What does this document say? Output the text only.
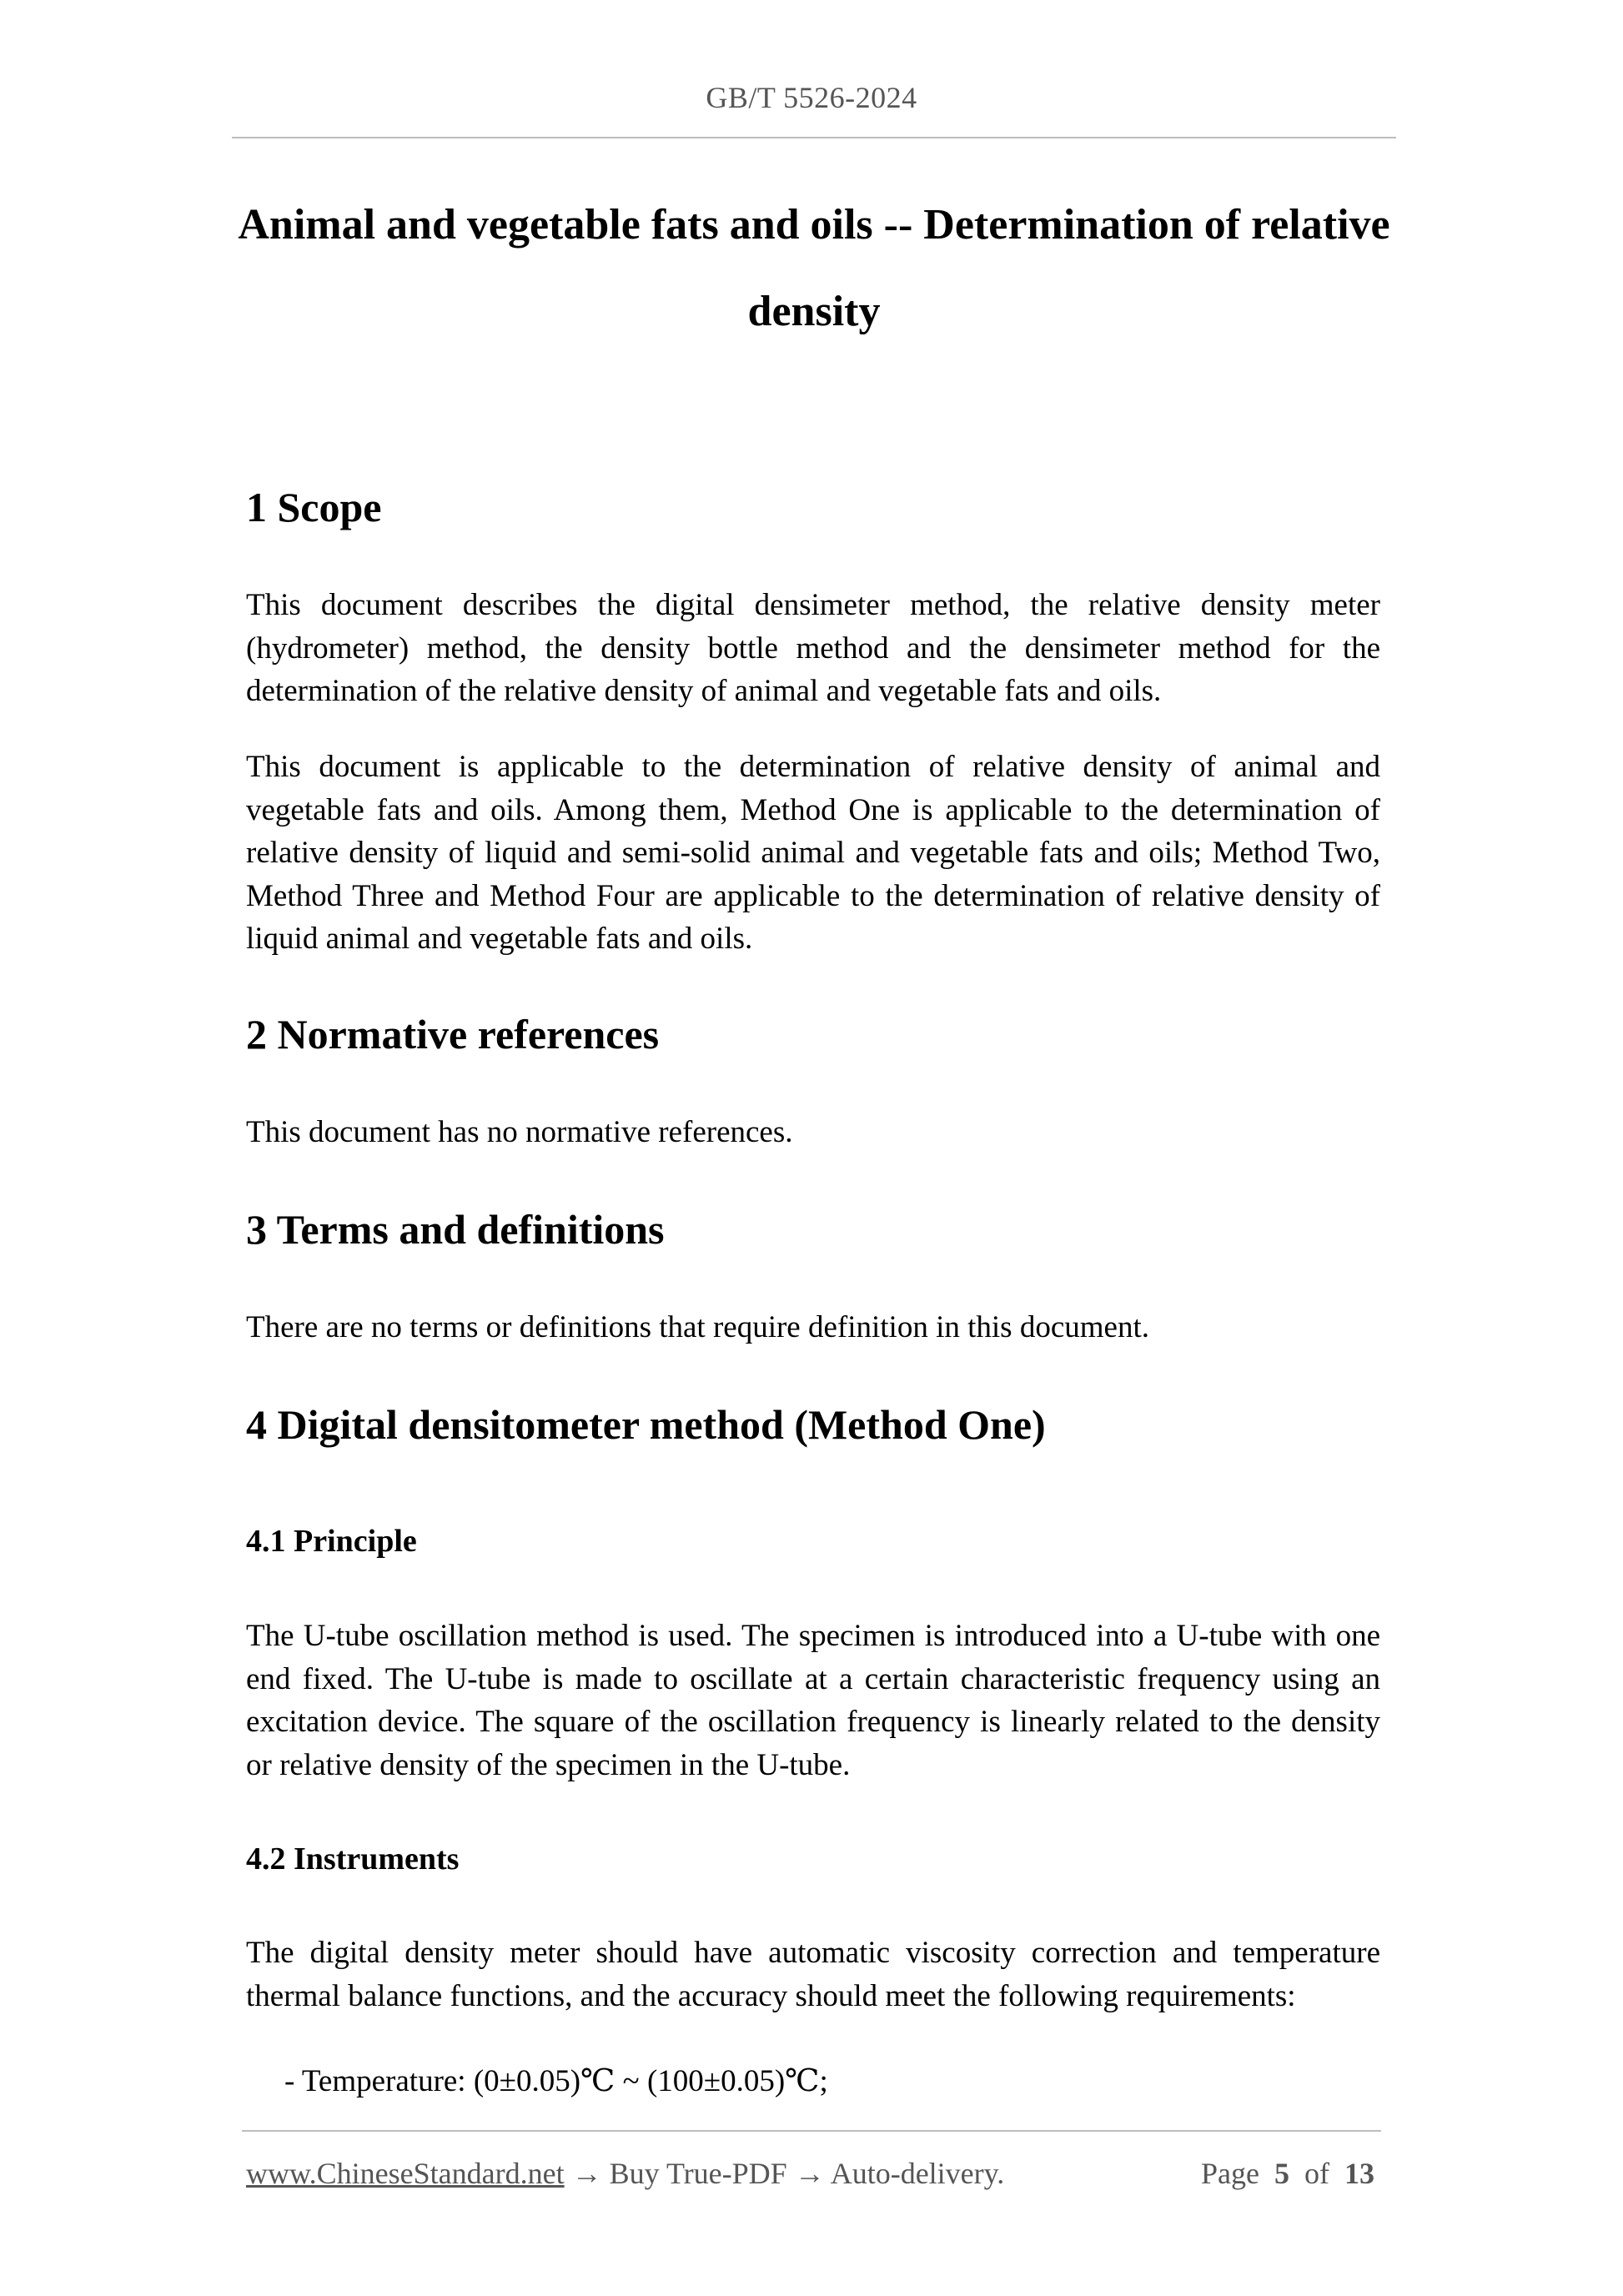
GB/T 5526-2024
Animal and vegetable fats and oils -- Determination of relative density
1 Scope

This document describes the digital densimeter method, the relative density meter (hydrometer) method, the density bottle method and the densimeter method for the determination of the relative density of animal and vegetable fats and oils.

This document is applicable to the determination of relative density of animal and vegetable fats and oils. Among them, Method One is applicable to the determination of relative density of liquid and semi-solid animal and vegetable fats and oils; Method Two, Method Three and Method Four are applicable to the determination of relative density of liquid animal and vegetable fats and oils.

2 Normative references

This document has no normative references.

3 Terms and definitions

There are no terms or definitions that require definition in this document.

4 Digital densitometer method (Method One)
4.1 Principle

The U-tube oscillation method is used. The specimen is introduced into a U-tube with one end fixed. The U-tube is made to oscillate at a certain characteristic frequency using an excitation device. The square of the oscillation frequency is linearly related to the density or relative density of the specimen in the U-tube.

4.2 Instruments

The digital density meter should have automatic viscosity correction and temperature thermal balance functions, and the accuracy should meet the following requirements:

- Temperature: (0±0.05)℃ ~ (100±0.05)℃;

www.ChineseStandard.net → Buy True-PDF → Auto-delivery.	Page 5 of 13
